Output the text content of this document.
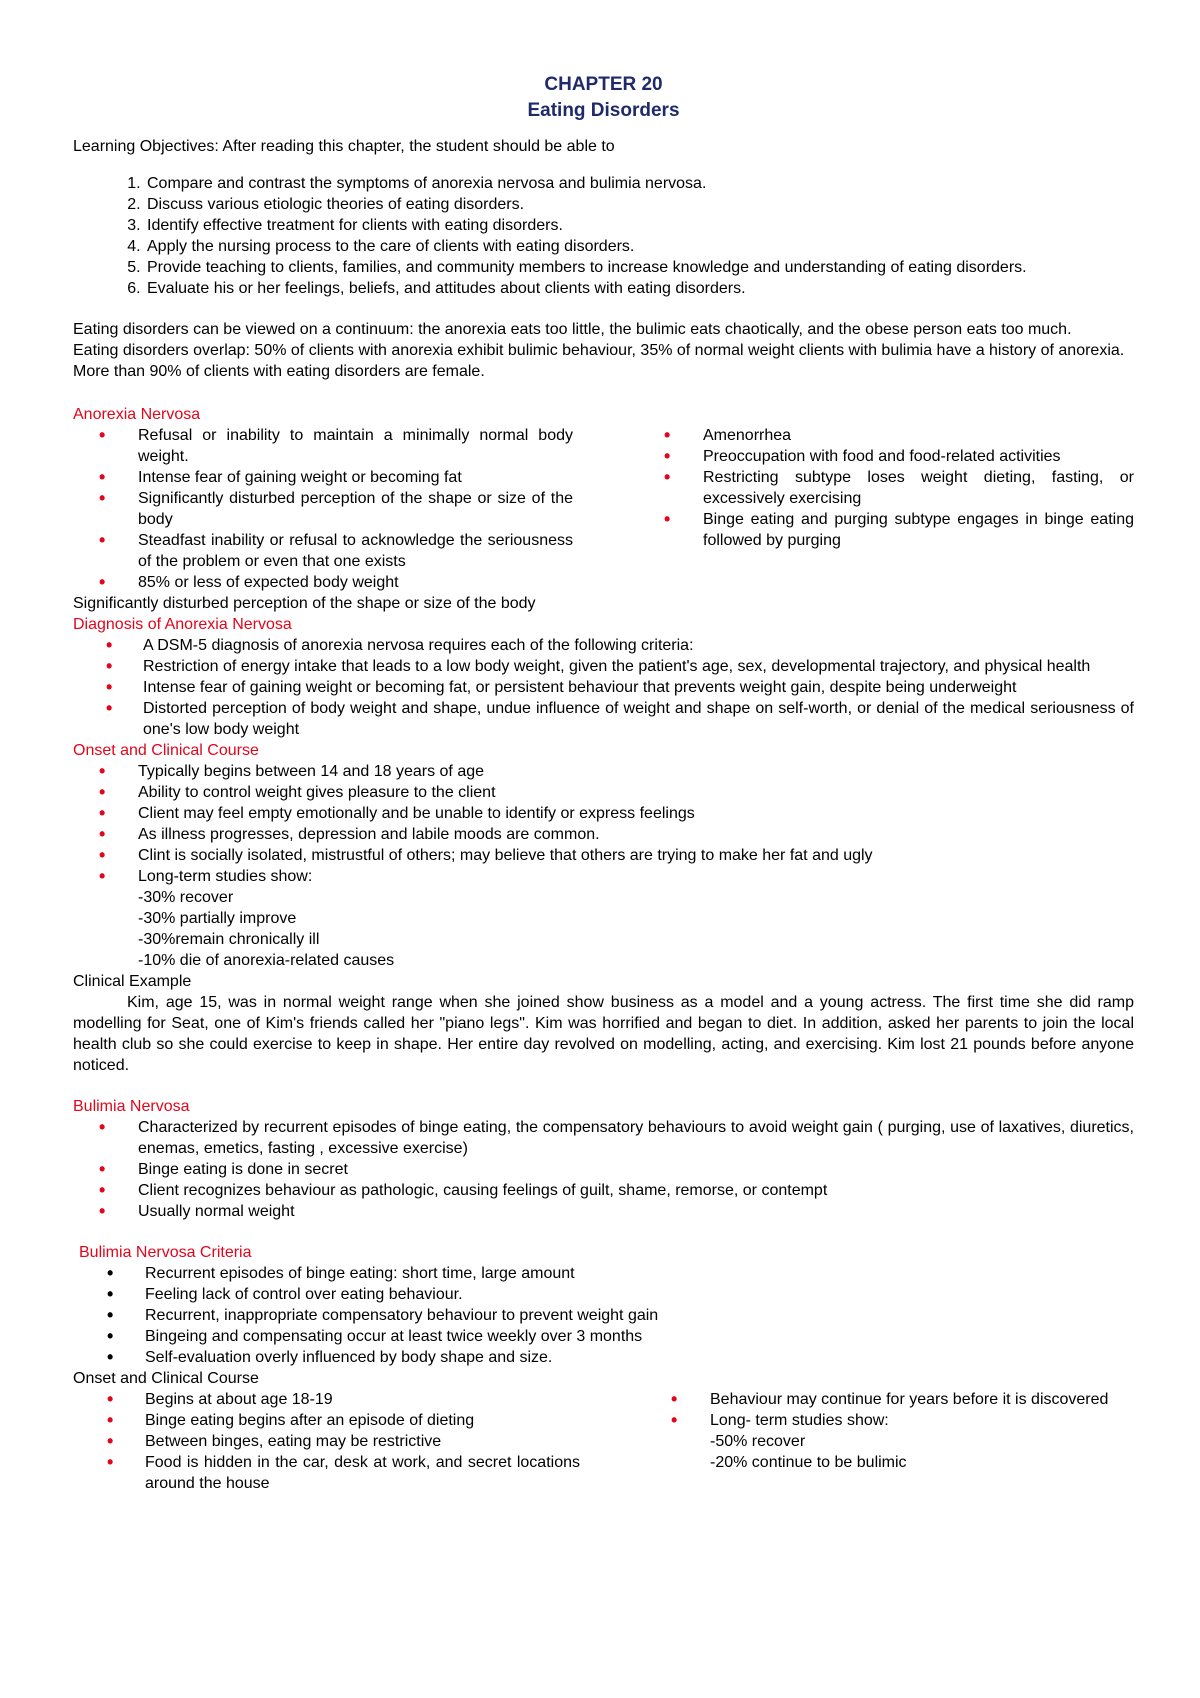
CHAPTER 20
Eating Disorders

Learning Objectives: After reading this chapter, the student should be able to

1. Compare and contrast the symptoms of anorexia nervosa and bulimia nervosa.
2. Discuss various etiologic theories of eating disorders.
3. Identify effective treatment for clients with eating disorders.
4. Apply the nursing process to the care of clients with eating disorders.
5. Provide teaching to clients, families, and community members to increase knowledge and understanding of eating disorders.
6. Evaluate his or her feelings, beliefs, and attitudes about clients with eating disorders.

Eating disorders can be viewed on a continuum: the anorexia eats too little, the bulimic eats chaotically, and the obese person eats too much.

Eating disorders overlap: 50% of clients with anorexia exhibit bulimic behaviour, 35% of normal weight clients with bulimia have a history of anorexia.

More than 90% of clients with eating disorders are female.

Anorexia Nervosa
• Refusal or inability to maintain a minimally normal body weight.
• Intense fear of gaining weight or becoming fat
• Significantly disturbed perception of the shape or size of the body
• Steadfast inability or refusal to acknowledge the seriousness of the problem or even that one exists
• 85% or less of expected body weight
• Amenorrhea
• Preoccupation with food and food-related activities
• Restricting subtype loses weight dieting, fasting, or excessively exercising
• Binge eating and purging subtype engages in binge eating followed by purging

Significantly disturbed perception of the shape or size of the body

Diagnosis of Anorexia Nervosa
• A DSM-5 diagnosis of anorexia nervosa requires each of the following criteria:
• Restriction of energy intake that leads to a low body weight, given the patient's age, sex, developmental trajectory, and physical health
• Intense fear of gaining weight or becoming fat, or persistent behaviour that prevents weight gain, despite being underweight
• Distorted perception of body weight and shape, undue influence of weight and shape on self-worth, or denial of the medical seriousness of one's low body weight
Onset and Clinical Course
• Typically begins between 14 and 18 years of age
• Ability to control weight gives pleasure to the client
• Client may feel empty emotionally and be unable to identify or express feelings
• As illness progresses, depression and labile moods are common.
• Clint is socially isolated, mistrustful of others; may believe that others are trying to make her fat and ugly
• Long-term studies show:
-30% recover
-30% partially improve
-30%remain chronically ill
-10% die of anorexia-related causes
Clinical Example

Kim, age 15, was in normal weight range when she joined show business as a model and a young actress. The first time she did ramp modelling for Seat, one of Kim's friends called her "piano legs". Kim was horrified and began to diet. In addition, asked her parents to join the local health club so she could exercise to keep in shape. Her entire day revolved on modelling, acting, and exercising. Kim lost 21 pounds before anyone noticed.

Bulimia Nervosa
• Characterized by recurrent episodes of binge eating, the compensatory behaviours to avoid weight gain ( purging, use of laxatives, diuretics, enemas, emetics, fasting , excessive exercise)
• Binge eating is done in secret
• Client recognizes behaviour as pathologic, causing feelings of guilt, shame, remorse, or contempt
• Usually normal weight
Bulimia Nervosa Criteria
• Recurrent episodes of binge eating: short time, large amount
• Feeling lack of control over eating behaviour.
• Recurrent, inappropriate compensatory behaviour to prevent weight gain
• Bingeing and compensating occur at least twice weekly over 3 months
• Self-evaluation overly influenced by body shape and size.
Onset and Clinical Course
• Begins at about age 18-19
• Binge eating begins after an episode of dieting
• Between binges, eating may be restrictive
• Food is hidden in the car, desk at work, and secret locations around the house
• Behaviour may continue for years before it is discovered
• Long- term studies show:
-50% recover
-20% continue to be bulimic
